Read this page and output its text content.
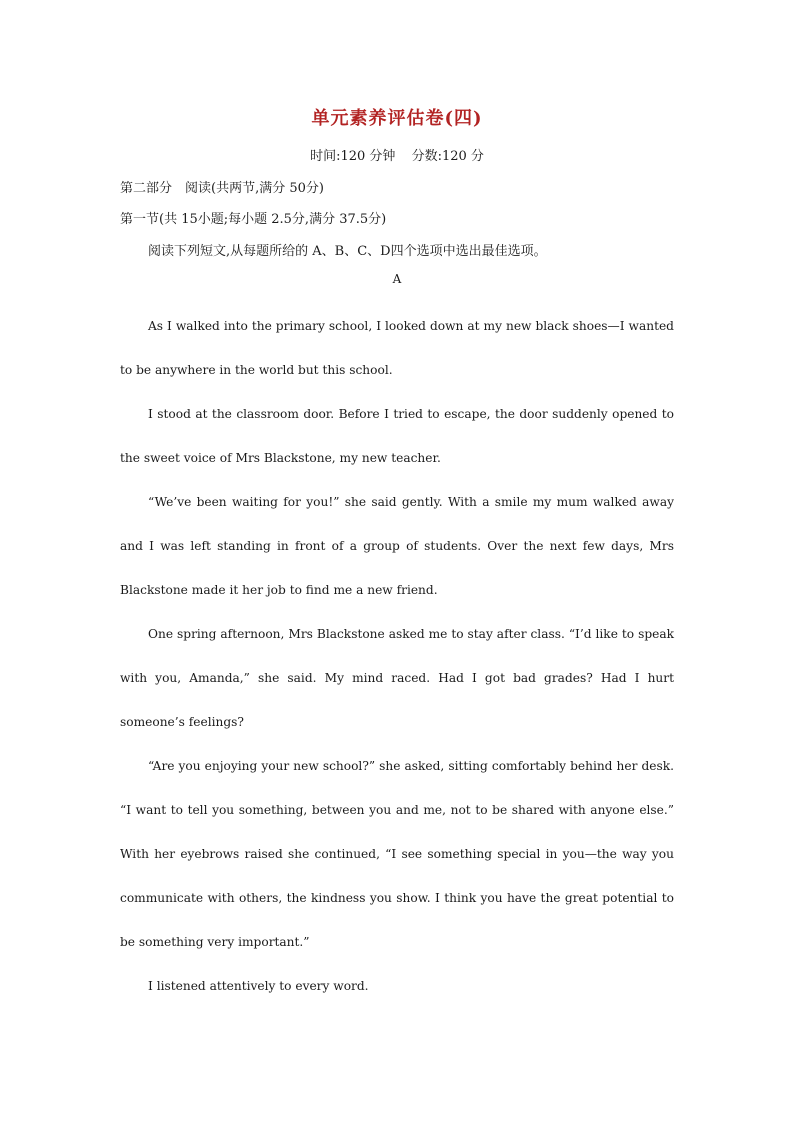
单元素养评估卷(四)
时间:120 分钟 分数:120 分
第二部分　阅读(共两节,满分 50分)
第一节(共 15小题;每小题 2.5分,满分 37.5分)
阅读下列短文,从每题所给的 A、B、C、D四个选项中选出最佳选项。
A

As I walked into the primary school, I looked down at my new black shoes—I wanted to be anywhere in the world but this school.

I stood at the classroom door. Before I tried to escape, the door suddenly opened to the sweet voice of Mrs Blackstone, my new teacher.

“We’ve been waiting for you!” she said gently. With a smile my mum walked away and I was left standing in front of a group of students. Over the next few days, Mrs Blackstone made it her job to find me a new friend.

One spring afternoon, Mrs Blackstone asked me to stay after class. “I’d like to speak with you, Amanda,” she said. My mind raced. Had I got bad grades? Had I hurt someone’s feelings?

“Are you enjoying your new school?” she asked, sitting comfortably behind her desk. “I want to tell you something, between you and me, not to be shared with anyone else.” With her eyebrows raised she continued, “I see something special in you—the way you communicate with others, the kindness you show. I think you have the great potential to be something very important.”

I listened attentively to every word.
